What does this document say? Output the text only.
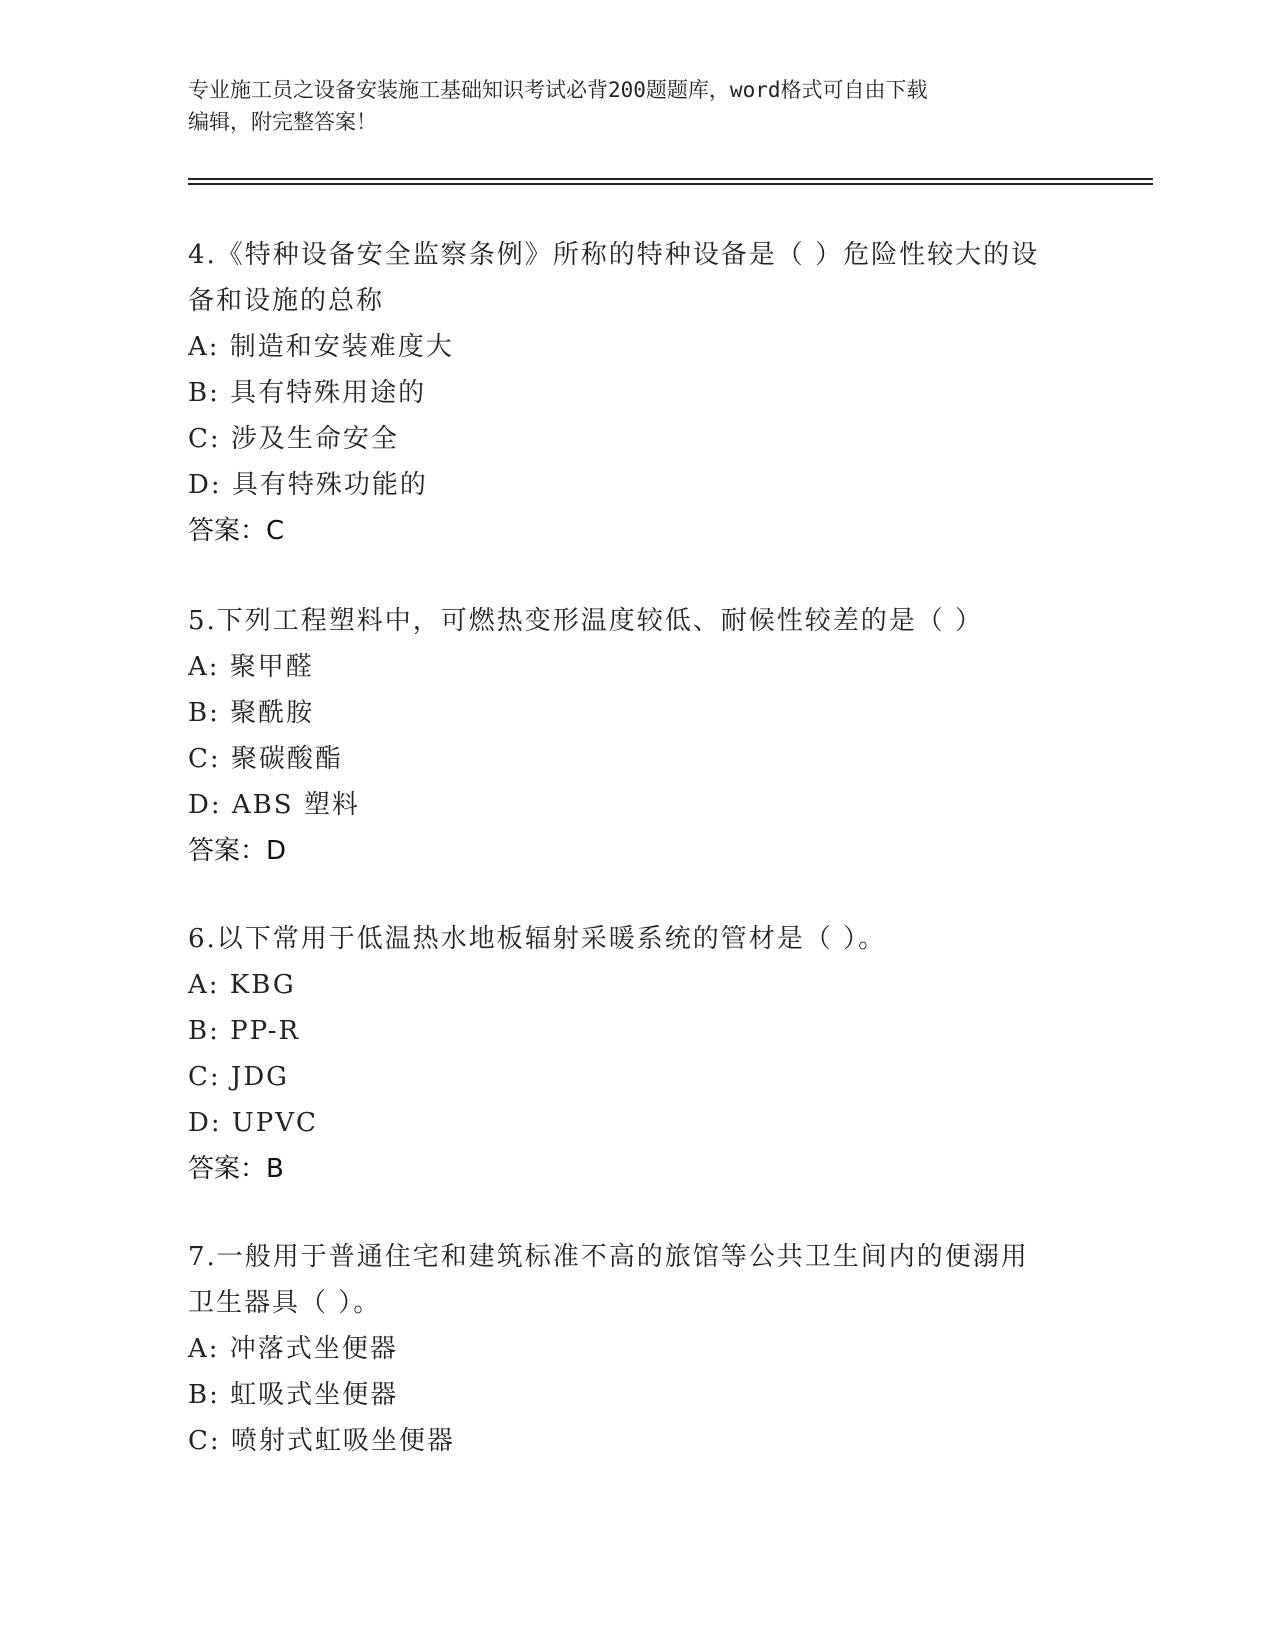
专业施工员之设备安装施工基础知识考试必背200题题库，word格式可自由下载
编辑，附完整答案！
4.《特种设备安全监察条例》所称的特种设备是（ ）危险性较大的设
备和设施的总称
A: 制造和安装难度大
B: 具有特殊用途的
C: 涉及生命安全
D: 具有特殊功能的
答案：C
5.下列工程塑料中，可燃热变形温度较低、耐候性较差的是（ ）
A: 聚甲醛
B: 聚酰胺
C: 聚碳酸酯
D: ABS 塑料
答案：D
6.以下常用于低温热水地板辐射采暖系统的管材是（ ）。
A: KBG
B: PP-R
C: JDG
D: UPVC
答案：B
7.一般用于普通住宅和建筑标准不高的旅馆等公共卫生间内的便溺用
卫生器具（ ）。
A: 冲落式坐便器
B: 虹吸式坐便器
C: 喷射式虹吸坐便器
